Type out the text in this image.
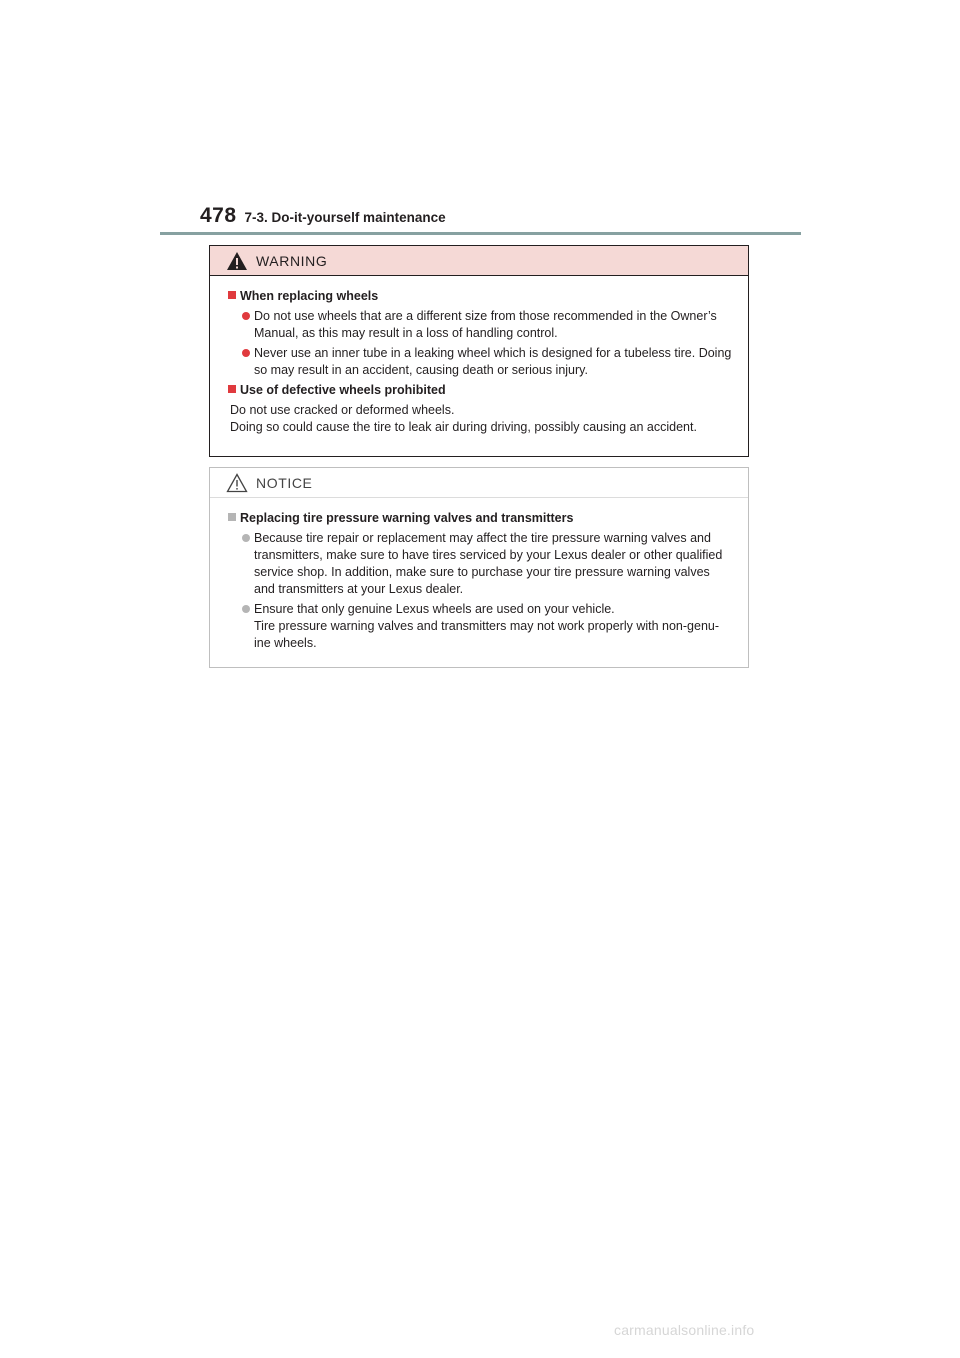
478 7-3. Do-it-yourself maintenance
WARNING
When replacing wheels
Do not use wheels that are a different size from those recommended in the Owner’s
Manual, as this may result in a loss of handling control.
Never use an inner tube in a leaking wheel which is designed for a tubeless tire. Doing
so may result in an accident, causing death or serious injury.
Use of defective wheels prohibited
Do not use cracked or deformed wheels.
Doing so could cause the tire to leak air during driving, possibly causing an accident.
NOTICE
Replacing tire pressure warning valves and transmitters
Because tire repair or replacement may affect the tire pressure warning valves and
transmitters, make sure to have tires serviced by your Lexus dealer or other qualified
service shop. In addition, make sure to purchase your tire pressure warning valves
and transmitters at your Lexus dealer.
Ensure that only genuine Lexus wheels are used on your vehicle.
Tire pressure warning valves and transmitters may not work properly with non-genu-
ine wheels.
carmanualsonline.info
